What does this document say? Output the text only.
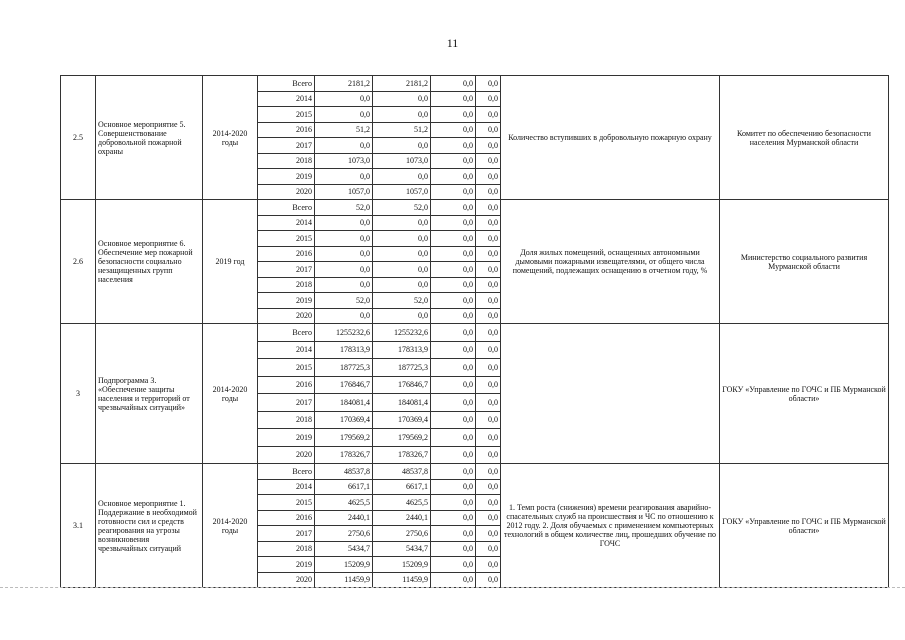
11
2.5	Основное мероприятие 5. Совершенствование добровольной пожарной охраны	2014-2020 годы	Всего	2181,2	2181,2	0,0	0,0	Количество вступивших в добровольную пожарную охрану	Комитет по обеспечению безопасности населения Мурманской области
			2014	0,0	0,0	0,0	0,0		
			2015	0,0	0,0	0,0	0,0		
			2016	51,2	51,2	0,0	0,0		
			2017	0,0	0,0	0,0	0,0		
			2018	1073,0	1073,0	0,0	0,0		
			2019	0,0	0,0	0,0	0,0		
			2020	1057,0	1057,0	0,0	0,0		
2.6	Основное мероприятие 6. Обеспечение мер пожарной безопасности социально незащищенных групп населения	2019 год	Всего	52,0	52,0	0,0	0,0	Доля жилых помещений, оснащенных автономными дымовыми пожарными извещателями, от общего числа помещений, подлежащих оснащению в отчетном году, %	Министерство социального развития Мурманской области
			2014	0,0	0,0	0,0	0,0		
			2015	0,0	0,0	0,0	0,0		
			2016	0,0	0,0	0,0	0,0		
			2017	0,0	0,0	0,0	0,0		
			2018	0,0	0,0	0,0	0,0		
			2019	52,0	52,0	0,0	0,0		
			2020	0,0	0,0	0,0	0,0		
3	Подпрограмма 3. «Обеспечение защиты населения и территорий от чрезвычайных ситуаций»	2014-2020 годы	Всего	1255232,6	1255232,6	0,0	0,0		ГОКУ «Управление по ГОЧС и ПБ Мурманской области»
			2014	178313,9	178313,9	0,0	0,0		
			2015	187725,3	187725,3	0,0	0,0		
			2016	176846,7	176846,7	0,0	0,0		
			2017	184081,4	184081,4	0,0	0,0		
			2018	170369,4	170369,4	0,0	0,0		
			2019	179569,2	179569,2	0,0	0,0		
			2020	178326,7	178326,7	0,0	0,0		
3.1	Основное мероприятие 1. Поддержание в необходимой готовности сил и средств реагирования на угрозы возникновения чрезвычайных ситуаций	2014-2020 годы	Всего	48537,8	48537,8	0,0	0,0	1. Темп роста (снижения) времени реагирования аварийно-спасательных служб на происшествия и ЧС по отношению к 2012 году. 2. Доля обучаемых с применением компьютерных технологий в общем количестве лиц, прошедших обучение по ГОЧС	ГОКУ «Управление по ГОЧС и ПБ Мурманской области»
			2014	6617,1	6617,1	0,0	0,0		
			2015	4625,5	4625,5	0,0	0,0		
			2016	2440,1	2440,1	0,0	0,0		
			2017	2750,6	2750,6	0,0	0,0		
			2018	5434,7	5434,7	0,0	0,0		
			2019	15209,9	15209,9	0,0	0,0		
			2020	11459,9	11459,9	0,0	0,0		
